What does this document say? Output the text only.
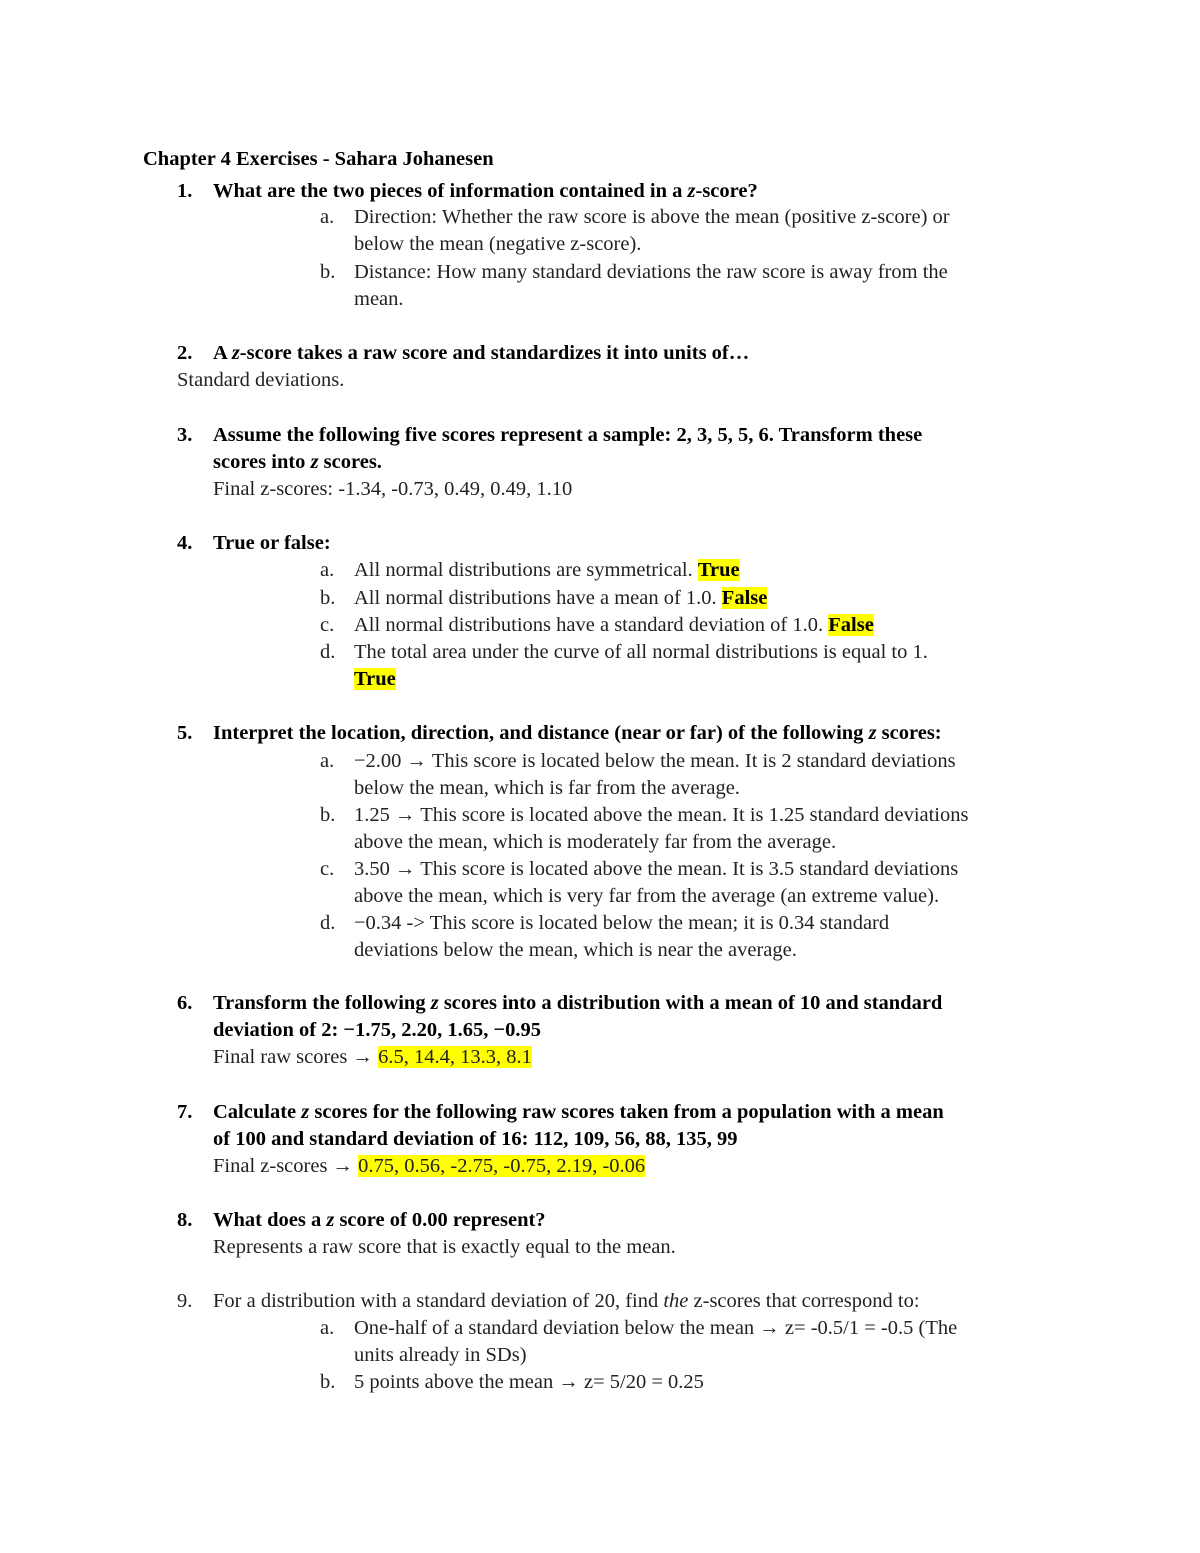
Chapter 4 Exercises - Sahara Johanesen
1. What are the two pieces of information contained in a z-score?
a. Direction: Whether the raw score is above the mean (positive z-score) or
below the mean (negative z-score).
b. Distance: How many standard deviations the raw score is away from the
mean.
2. A z-score takes a raw score and standardizes it into units of…
Standard deviations.
3. Assume the following five scores represent a sample: 2, 3, 5, 5, 6. Transform these
scores into z scores.
Final z-scores: -1.34, -0.73, 0.49, 0.49, 1.10
4. True or false:
a. All normal distributions are symmetrical. True
b. All normal distributions have a mean of 1.0. False
c. All normal distributions have a standard deviation of 1.0. False
d. The total area under the curve of all normal distributions is equal to 1.
True
5. Interpret the location, direction, and distance (near or far) of the following z scores:
a. −2.00 → This score is located below the mean. It is 2 standard deviations
below the mean, which is far from the average.
b. 1.25 → This score is located above the mean. It is 1.25 standard deviations
above the mean, which is moderately far from the average.
c. 3.50 → This score is located above the mean. It is 3.5 standard deviations
above the mean, which is very far from the average (an extreme value).
d. −0.34 -> This score is located below the mean; it is 0.34 standard
deviations below the mean, which is near the average.
6. Transform the following z scores into a distribution with a mean of 10 and standard
deviation of 2: −1.75, 2.20, 1.65, −0.95
Final raw scores → 6.5, 14.4, 13.3, 8.1
7. Calculate z scores for the following raw scores taken from a population with a mean
of 100 and standard deviation of 16: 112, 109, 56, 88, 135, 99
Final z-scores → 0.75, 0.56, -2.75, -0.75, 2.19, -0.06
8. What does a z score of 0.00 represent?
Represents a raw score that is exactly equal to the mean.
9. For a distribution with a standard deviation of 20, find the z-scores that correspond to:
a. One-half of a standard deviation below the mean → z= -0.5/1 = -0.5 (The
units already in SDs)
b. 5 points above the mean → z= 5/20 = 0.25
